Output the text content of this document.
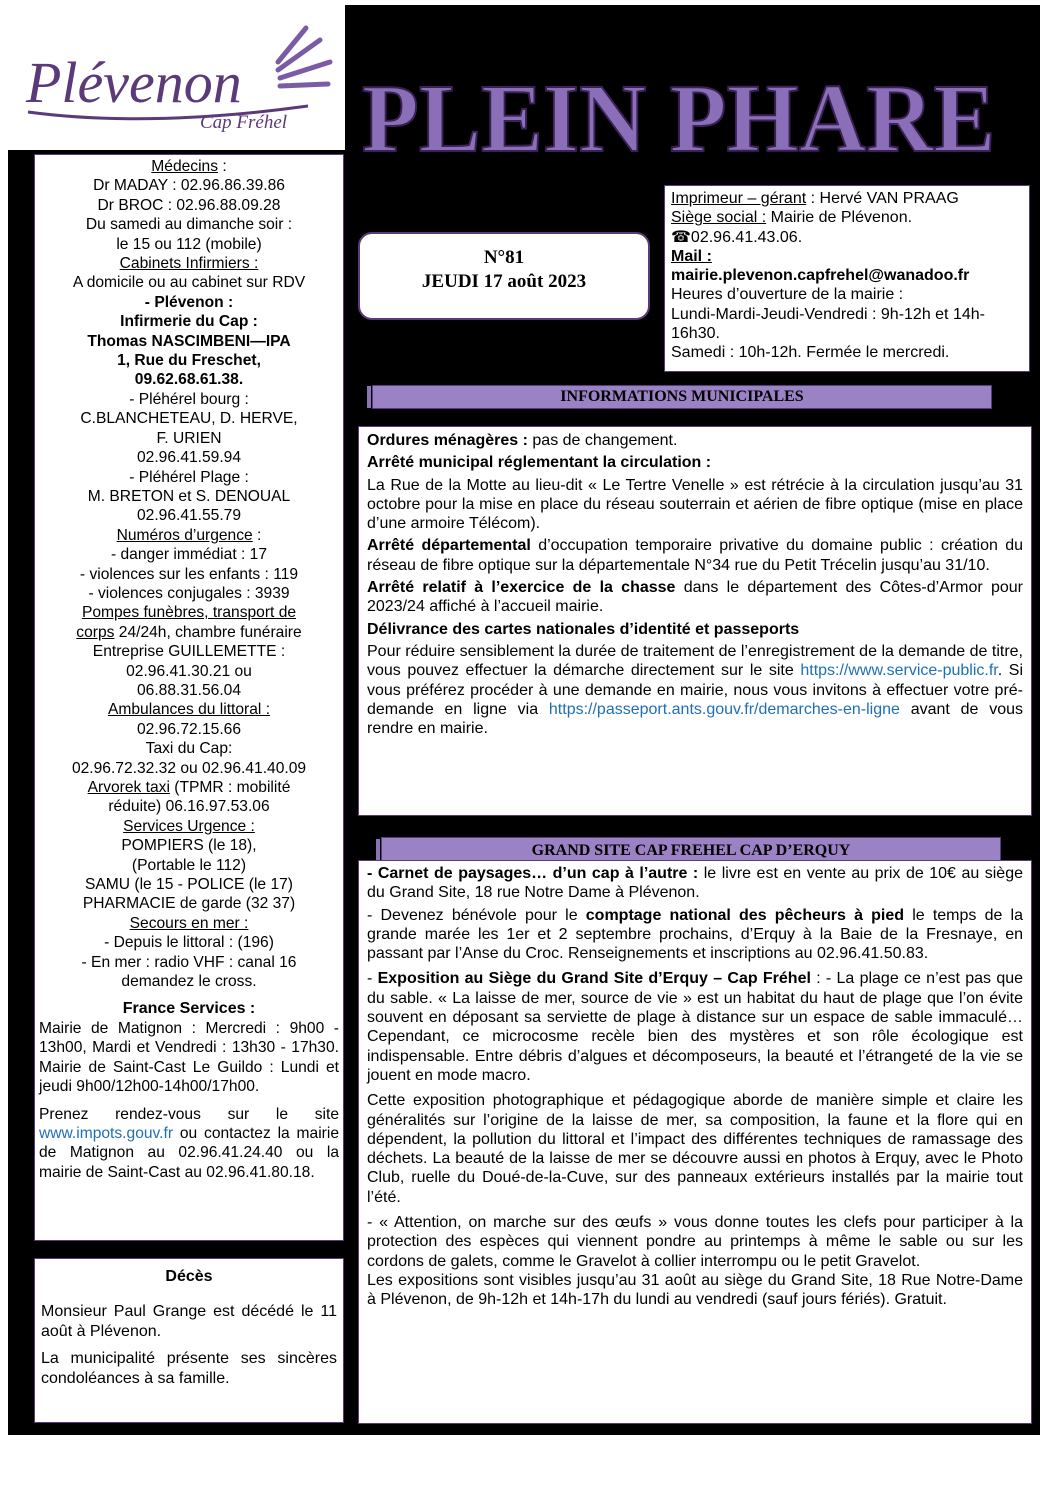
Plévenon
Cap Fréhel PLEIN PHARE
N°81
JEUDI 17 août 2023
Imprimeur – gérant : Hervé VAN PRAAG
Siège social : Mairie de Plévenon.
☎02.96.41.43.06.
Mail :
mairie.plevenon.capfrehel@wanadoo.fr
Heures d’ouverture de la mairie :
Lundi-Mardi-Jeudi-Vendredi : 9h-12h et 14h-16h30.
Samedi : 10h-12h. Fermée le mercredi.
Médecins :
Dr MADAY : 02.96.86.39.86
Dr BROC : 02.96.88.09.28
Du samedi au dimanche soir :
le 15 ou 112 (mobile)
Cabinets Infirmiers :
A domicile ou au cabinet sur RDV
- Plévenon :
Infirmerie du Cap :
Thomas NASCIMBENI—IPA
1, Rue du Freschet,
09.62.68.61.38.
- Pléhérel bourg :
C.BLANCHETEAU, D. HERVE,
F. URIEN
02.96.41.59.94
- Pléhérel Plage :
M. BRETON et S. DENOUAL
02.96.41.55.79
Numéros d’urgence :
- danger immédiat : 17
- violences sur les enfants : 119
- violences conjugales : 3939
Pompes funèbres, transport de
corps 24/24h, chambre funéraire
Entreprise GUILLEMETTE :
02.96.41.30.21 ou
06.88.31.56.04
Ambulances du littoral :
02.96.72.15.66
Taxi du Cap:
02.96.72.32.32 ou 02.96.41.40.09
Arvorek taxi (TPMR : mobilité
réduite) 06.16.97.53.06
Services Urgence :
POMPIERS (le 18),
(Portable le 112)
SAMU (le 15 - POLICE (le 17)
PHARMACIE de garde (32 37)
Secours en mer :
- Depuis le littoral : (196)
- En mer : radio VHF : canal 16
demandez le cross.
France Services :
Mairie de Matignon : Mercredi : 9h00 - 13h00, Mardi et Vendredi : 13h30 - 17h30. Mairie de Saint-Cast Le Guildo : Lundi et jeudi 9h00/12h00-14h00/17h00.
Prenez rendez-vous sur le site www.impots.gouv.fr ou contactez la mairie de Matignon au 02.96.41.24.40 ou la mairie de Saint-Cast au 02.96.41.80.18.
Décès
Monsieur Paul Grange est décédé le 11 août à Plévenon.
La municipalité présente ses sincères condoléances à sa famille.
INFORMATIONS MUNICIPALES

Ordures ménagères : pas de changement.

Arrêté municipal réglementant la circulation :

La Rue de la Motte au lieu-dit « Le Tertre Venelle » est rétrécie à la circulation jusqu’au 31 octobre pour la mise en place du réseau souterrain et aérien de fibre optique (mise en place d’une armoire Télécom).

Arrêté départemental d’occupation temporaire privative du domaine public : création du réseau de fibre optique sur la départementale N°34 rue du Petit Trécelin jusqu’au 31/10.

Arrêté relatif à l’exercice de la chasse dans le département des Côtes-d’Armor pour 2023/24 affiché à l’accueil mairie.

Délivrance des cartes nationales d’identité et passeports

Pour réduire sensiblement la durée de traitement de l’enregistrement de la demande de titre, vous pouvez effectuer la démarche directement sur le site https://www.service-public.fr. Si vous préférez procéder à une demande en mairie, nous vous invitons à effectuer votre pré-demande en ligne via https://passeport.ants.gouv.fr/demarches-en-ligne avant de vous rendre en mairie.

GRAND SITE CAP FREHEL CAP D’ERQUY

- Carnet de paysages… d’un cap à l’autre : le livre est en vente au prix de 10€ au siège du Grand Site, 18 rue Notre Dame à Plévenon.

- Devenez bénévole pour le comptage national des pêcheurs à pied le temps de la grande marée les 1er et 2 septembre prochains, d’Erquy à la Baie de la Fresnaye, en passant par l’Anse du Croc. Renseignements et inscriptions au 02.96.41.50.83.

- Exposition au Siège du Grand Site d’Erquy – Cap Fréhel : - La plage ce n’est pas que du sable. « La laisse de mer, source de vie » est un habitat du haut de plage que l’on évite souvent en déposant sa serviette de plage à distance sur un espace de sable immaculé… Cependant, ce microcosme recèle bien des mystères et son rôle écologique est indispensable. Entre débris d’algues et décomposeurs, la beauté et l’étrangeté de la vie se jouent en mode macro.

Cette exposition photographique et pédagogique aborde de manière simple et claire les généralités sur l’origine de la laisse de mer, sa composition, la faune et la flore qui en dépendent, la pollution du littoral et l’impact des différentes techniques de ramassage des déchets. La beauté de la laisse de mer se découvre aussi en photos à Erquy, avec le Photo Club, ruelle du Doué-de-la-Cuve, sur des panneaux extérieurs installés par la mairie tout l’été.

- « Attention, on marche sur des œufs » vous donne toutes les clefs pour participer à la protection des espèces qui viennent pondre au printemps à même le sable ou sur les cordons de galets, comme le Gravelot à collier interrompu ou le petit Gravelot.

Les expositions sont visibles jusqu’au 31 août au siège du Grand Site, 18 Rue Notre-Dame à Plévenon, de 9h-12h et 14h-17h du lundi au vendredi (sauf jours fériés). Gratuit.
